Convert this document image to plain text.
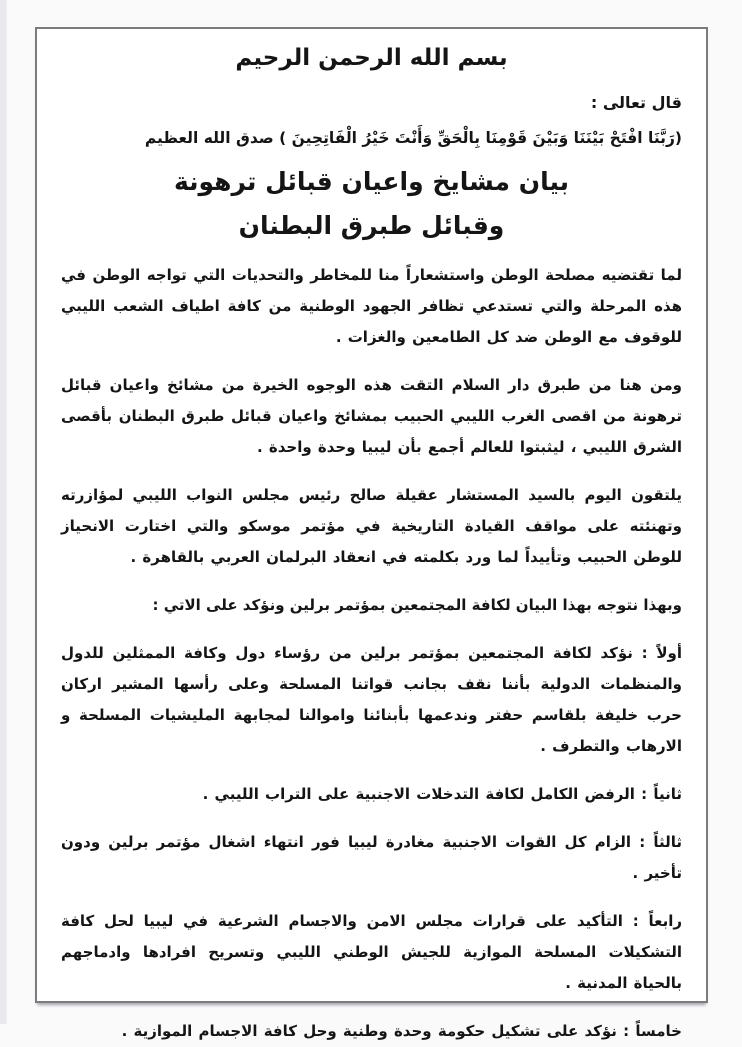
بسم الله الرحمن الرحيم
قال تعالى :
(رَبَّنَا افْتَحْ بَيْنَنَا وَبَيْنَ قَوْمِنَا بِالْحَقِّ وَأَنْتَ خَيْرُ الْفَاتِحِينَ ) صدق الله العظيم
بيان مشايخ واعيان قبائل ترهونة
وقبائل طبرق البطنان
لما تقتضيه مصلحة الوطن واستشعاراً منا للمخاطر والتحديات التي تواجه الوطن في هذه المرحلة والتي تستدعي تظافر الجهود الوطنية من كافة اطياف الشعب الليبي للوقوف مع الوطن ضد كل الطامعين والغزات .
ومن هنا من طبرق دار السلام التقت هذه الوجوه الخيرة من مشائخ واعيان قبائل ترهونة من اقصى الغرب الليبي الحبيب بمشائخ واعيان قبائل طبرق البطنان بأقصى الشرق الليبي ، ليثبتوا للعالم أجمع بأن ليبيا وحدة واحدة .
يلتقون اليوم بالسيد المستشار عقيلة صالح رئيس مجلس النواب الليبي لمؤازرته وتهنئته على مواقف القيادة التاريخية في مؤتمر موسكو والتي اختارت الانحياز للوطن الحبيب وتأييداً لما ورد بكلمته في انعقاد البرلمان العربي بالقاهرة .
وبهذا نتوجه بهذا البيان لكافة المجتمعين بمؤتمر برلين ونؤكد على الاتي :
أولاً : نؤكد لكافة المجتمعين بمؤتمر برلين من رؤساء دول وكافة الممثلين للدول والمنظمات الدولية بأننا نقف بجانب قواتنا المسلحة وعلى رأسها المشير اركان حرب خليفة بلقاسم حفتر وندعمها بأبنائنا واموالنا لمجابهة المليشيات المسلحة و الارهاب والتطرف .
ثانياً : الرفض الكامل لكافة التدخلات الاجنبية على التراب الليبي .
ثالثاً : الزام كل القوات الاجنبية مغادرة ليبيا فور انتهاء اشغال مؤتمر برلين ودون تأخير .
رابعاً : التأكيد على قرارات مجلس الامن والاجسام الشرعية في ليبيا لحل كافة التشكيلات المسلحة الموازية للجيش الوطني الليبي وتسريح افرادها وادماجهم بالحياة المدنية .
خامساً : نؤكد على تشكيل حكومة وحدة وطنية وحل كافة الاجسام الموازية .
